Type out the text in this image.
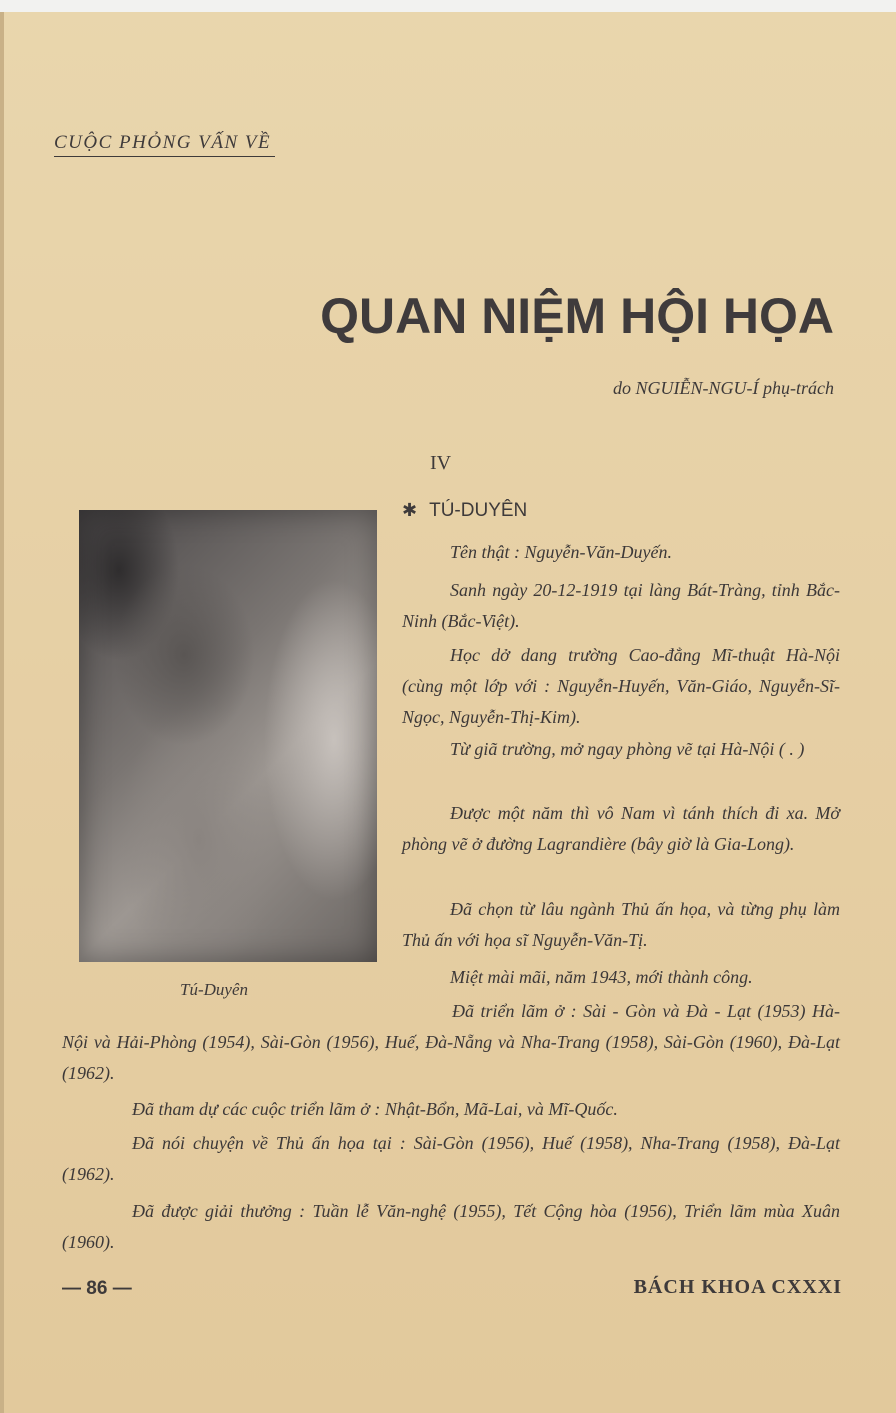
CUỘC PHỎNG VẤN VỀ
QUAN NIỆM HỘI HỌA
do NGUIỄN-NGU-Í phụ-trách
IV
Tú-Duyên
✱ TÚ-DUYÊN
Tên thật : Nguyễn-Văn-Duyến.
Sanh ngày 20-12-1919 tại làng Bát-Tràng, tỉnh Bắc-Ninh (Bắc-Việt).
Học dở dang trường Cao-đẳng Mĩ-thuật Hà-Nội (cùng một lớp với : Nguyễn-Huyến, Văn-Giáo, Nguyễn-Sĩ-Ngọc, Nguyễn-Thị-Kim).
Từ giã trường, mở ngay phòng vẽ tại Hà-Nội ( . )
Được một năm thì vô Nam vì tánh thích đi xa. Mở phòng vẽ ở đường Lagrandière (bây giờ là Gia-Long).
Đã chọn từ lâu ngành Thủ ấn họa, và từng phụ làm Thủ ấn với họa sĩ Nguyễn-Văn-Tị.
Miệt mài mãi, năm 1943, mới thành công.
Đã triển lãm ở : Sài - Gòn và Đà - Lạt (1953) Hà-Nội và Hải-Phòng (1954), Sài-Gòn (1956), Huế, Đà-Nẵng và Nha-Trang (1958), Sài-Gòn (1960), Đà-Lạt (1962).
Đã tham dự các cuộc triển lãm ở : Nhật-Bổn, Mã-Lai, và Mĩ-Quốc.
Đã nói chuyện về Thủ ấn họa tại : Sài-Gòn (1956), Huế (1958), Nha-Trang (1958), Đà-Lạt (1962).
Đã được giải thưởng : Tuần lễ Văn-nghệ (1955), Tết Cộng hòa (1956), Triển lãm mùa Xuân (1960).
— 86 —	BÁCH KHOA CXXXI
